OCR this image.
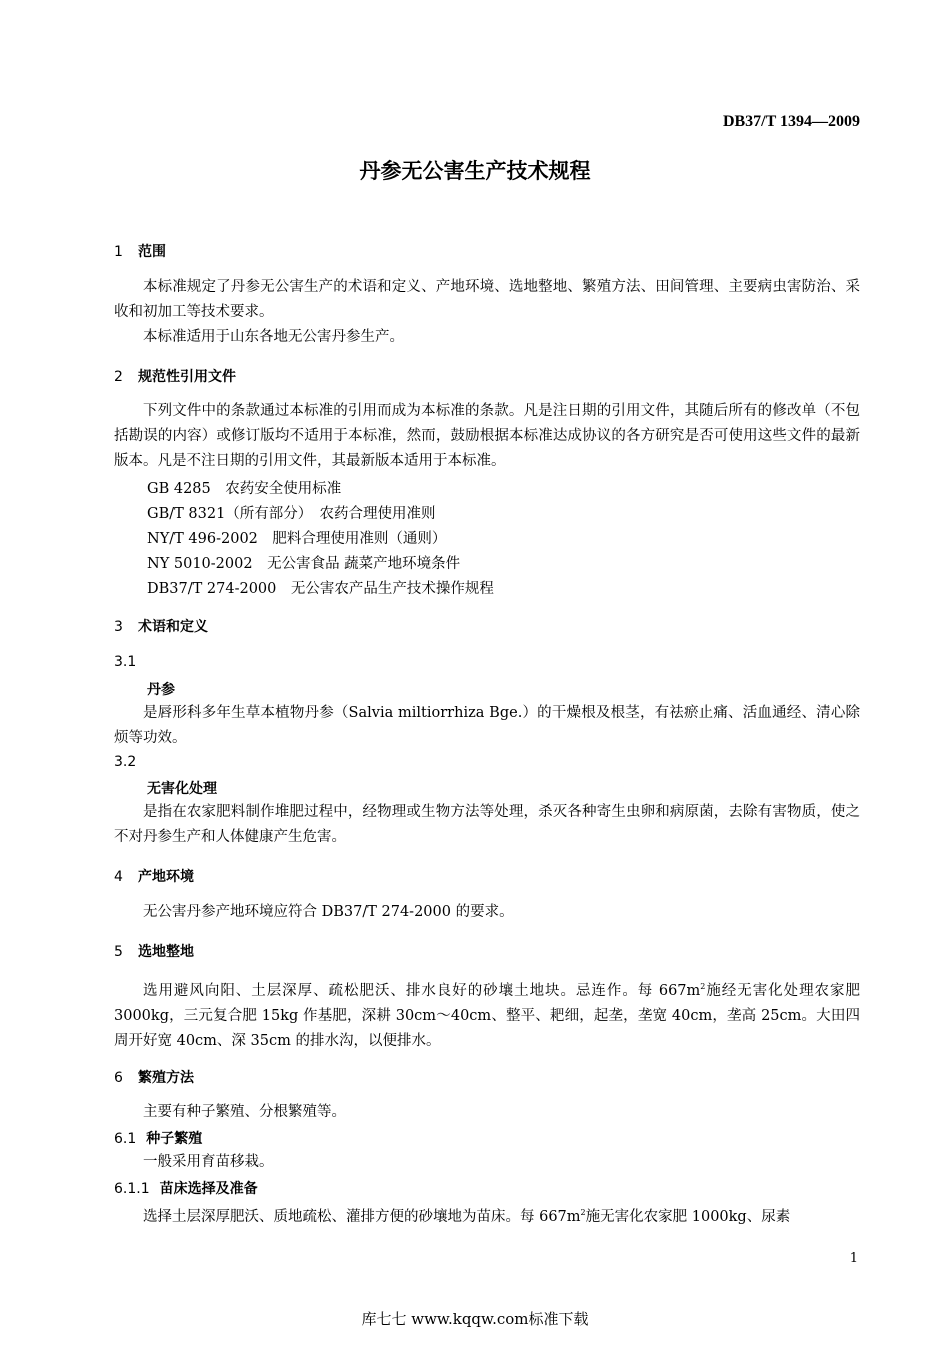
DB37/T 1394—2009
丹参无公害生产技术规程
1 范围
本标准规定了丹参无公害生产的术语和定义、产地环境、选地整地、繁殖方法、田间管理、主要病虫害防治、采收和初加工等技术要求。
本标准适用于山东各地无公害丹参生产。
2 规范性引用文件
下列文件中的条款通过本标准的引用而成为本标准的条款。凡是注日期的引用文件，其随后所有的修改单（不包括勘误的内容）或修订版均不适用于本标准，然而，鼓励根据本标准达成协议的各方研究是否可使用这些文件的最新版本。凡是不注日期的引用文件，其最新版本适用于本标准。
GB 4285　农药安全使用标准
GB/T 8321（所有部分）　农药合理使用准则
NY/T 496-2002　肥料合理使用准则（通则）
NY 5010-2002　无公害食品 蔬菜产地环境条件
DB37/T 274-2000　无公害农产品生产技术操作规程
3 术语和定义
3.1
丹参
是唇形科多年生草本植物丹参（Salvia miltiorrhiza Bge.）的干燥根及根茎，有祛瘀止痛、活血通经、清心除烦等功效。
3.2
无害化处理
是指在农家肥料制作堆肥过程中，经物理或生物方法等处理，杀灭各种寄生虫卵和病原菌，去除有害物质，使之不对丹参生产和人体健康产生危害。
4 产地环境
无公害丹参产地环境应符合 DB37/T 274-2000 的要求。
5 选地整地
选用避风向阳、土层深厚、疏松肥沃、排水良好的砂壤土地块。忌连作。每 $667m^2$施经无害化处理农家肥 3000kg，三元复合肥 15kg 作基肥，深耕 30cm～40cm、整平、耙细，起垄，垄宽 40cm，垄高 25cm。大田四周开好宽 40cm、深 35cm 的排水沟，以便排水。
6 繁殖方法
主要有种子繁殖、分根繁殖等。
6.1 种子繁殖
一般采用育苗移栽。
6.1.1 苗床选择及准备
选择土层深厚肥沃、质地疏松、灌排方便的砂壤地为苗床。每 $667m^2$施无害化农家肥 1000kg、尿素
1
库七七 www.kqqw.com标准下载
